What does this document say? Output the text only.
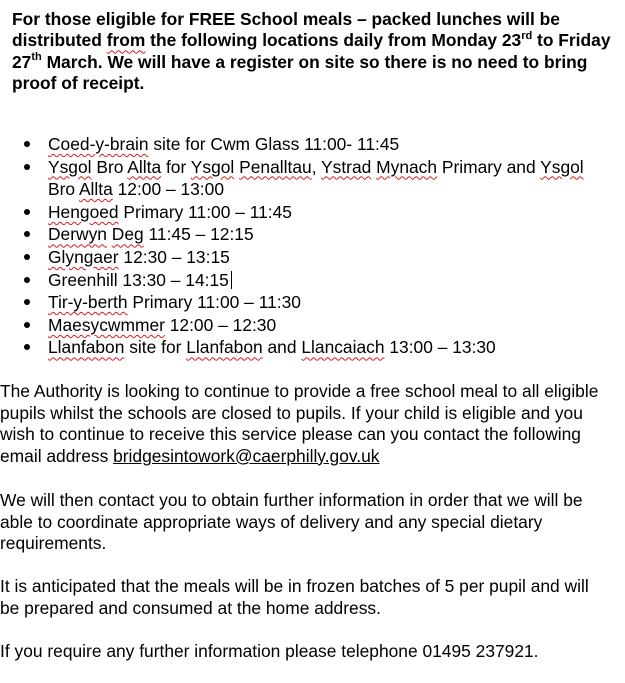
For those eligible for FREE School meals – packed lunches will be distributed from the following locations daily from Monday 23rd to Friday 27th March. We will have a register on site so there is no need to bring proof of receipt.

Coed-y-brain site for Cwm Glass 11:00- 11:45
Ysgol Bro Allta for Ysgol Penalltau, Ystrad Mynach Primary and Ysgol Bro Allta 12:00 – 13:00
Hengoed Primary 11:00 – 11:45
Derwyn Deg 11:45 – 12:15
Glyngaer 12:30 – 13:15
Greenhill 13:30 – 14:15
Tir-y-berth Primary 11:00 – 11:30
Maesycwmmer 12:00 – 12:30
Llanfabon site for Llanfabon and Llancaiach 13:00 – 13:30

The Authority is looking to continue to provide a free school meal to all eligible pupils whilst the schools are closed to pupils. If your child is eligible and you wish to continue to receive this service please can you contact the following email address bridgesintowork@caerphilly.gov.uk

We will then contact you to obtain further information in order that we will be able to coordinate appropriate ways of delivery and any special dietary requirements.

It is anticipated that the meals will be in frozen batches of 5 per pupil and will be prepared and consumed at the home address.

If you require any further information please telephone 01495 237921.
